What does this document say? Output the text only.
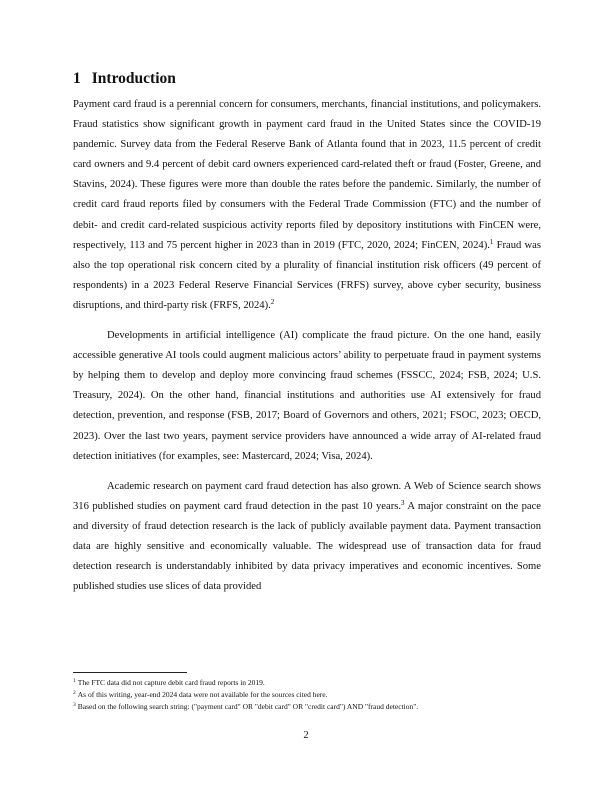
1 Introduction

Payment card fraud is a perennial concern for consumers, merchants, financial institutions, and policymakers. Fraud statistics show significant growth in payment card fraud in the United States since the COVID-19 pandemic. Survey data from the Federal Reserve Bank of Atlanta found that in 2023, 11.5 percent of credit card owners and 9.4 percent of debit card owners experienced card-related theft or fraud (Foster, Greene, and Stavins, 2024). These figures were more than double the rates before the pandemic. Similarly, the number of credit card fraud reports filed by consumers with the Federal Trade Commission (FTC) and the number of debit- and credit card-related suspicious activity reports filed by depository institutions with FinCEN were, respectively, 113 and 75 percent higher in 2023 than in 2019 (FTC, 2020, 2024; FinCEN, 2024).$^1$ Fraud was also the top operational risk concern cited by a plurality of financial institution risk officers (49 percent of respondents) in a 2023 Federal Reserve Financial Services (FRFS) survey, above cyber security, business disruptions, and third-party risk (FRFS, 2024).$^2$

Developments in artificial intelligence (AI) complicate the fraud picture. On the one hand, easily accessible generative AI tools could augment malicious actors’ ability to perpetuate fraud in payment systems by helping them to develop and deploy more convincing fraud schemes (FSSCC, 2024; FSB, 2024; U.S. Treasury, 2024). On the other hand, financial institutions and authorities use AI extensively for fraud detection, prevention, and response (FSB, 2017; Board of Governors and others, 2021; FSOC, 2023; OECD, 2023). Over the last two years, payment service providers have announced a wide array of AI-related fraud detection initiatives (for examples, see: Mastercard, 2024; Visa, 2024).

Academic research on payment card fraud detection has also grown. A Web of Science search shows 316 published studies on payment card fraud detection in the past 10 years.$^3$ A major constraint on the pace and diversity of fraud detection research is the lack of publicly available payment data. Payment transaction data are highly sensitive and economically valuable. The widespread use of transaction data for fraud detection research is understandably inhibited by data privacy imperatives and economic incentives. Some published studies use slices of data provided

$^1$ The FTC data did not capture debit card fraud reports in 2019.
$^2$ As of this writing, year-end 2024 data were not available for the sources cited here.
$^3$ Based on the following search string: ("payment card" OR "debit card" OR "credit card") AND "fraud detection".
2
